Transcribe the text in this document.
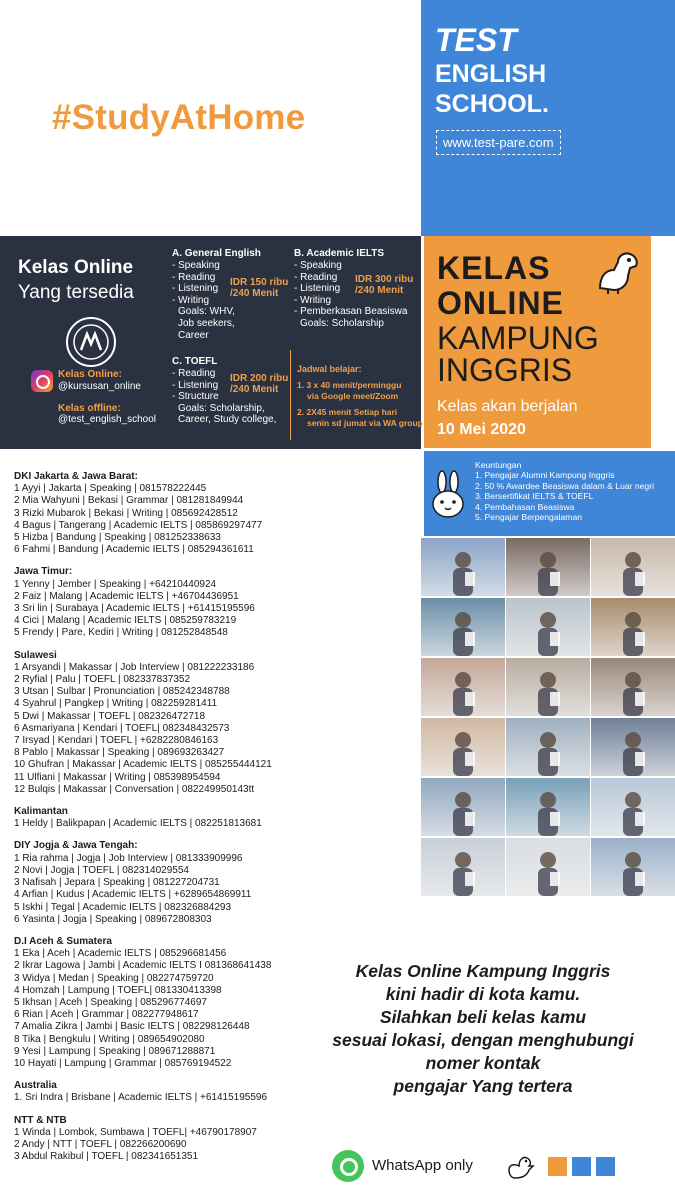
#StudyAtHome
TEST
ENGLISH
SCHOOL.
www.test-pare.com
Kelas Online
Yang tersedia
Kelas Online:
@kursusan_online
Kelas offline:
@test_english_school
A. General English
- Speaking
- Reading
- Listening
- Writing
Goals: WHV,
Job seekers,
Career
IDR 150 ribu
/240 Menit
B. Academic IELTS
- Speaking
- Reading
- Listening
- Writing
- Pemberkasan Beasiswa
Goals: Scholarship
IDR 300 ribu
/240 Menit
C. TOEFL
- Reading
- Listening
- Structure
Goals: Scholarship,
Career, Study college,
IDR 200 ribu
/240 Menit
Jadwal belajar:
1. 3 x 40 menit/perminggu
via Google meet/Zoom
2. 2X45 menit Setiap hari
senin sd jumat via WA group
KELAS
ONLINE
KAMPUNG
INGGRIS
Kelas akan berjalan
10 Mei 2020
Keuntungan
1. Pengajar Alumni Kampung Inggris
2. 50 % Awardee Beasiswa dalam & Luar negri
3. Bersertifikat IELTS & TOEFL
4. Pembahasan Beasiswa
5. Pengajar Berpengalaman
DKI Jakarta & Jawa Barat:
1 Ayyi | Jakarta | Speaking | 081578222445
2 Mia Wahyuni | Bekasi | Grammar | 081281849944
3 Rizki Mubarok | Bekasi | Writing | 085692428512
4 Bagus | Tangerang | Academic IELTS | 085869297477
5 Hizba | Bandung | Speaking | 081252338633
6 Fahmi | Bandung | Academic IELTS | 085294361611
Jawa Timur:
1 Yenny | Jember | Speaking | +64210440924
2 Faiz | Malang | Academic IELTS | +46704436951
3 Sri lin | Surabaya | Academic IELTS | +61415195596
4 Cici | Malang | Academic IELTS | 085259783219
5 Frendy | Pare, Kediri | Writing | 081252848548
Sulawesi
1 Arsyandi | Makassar | Job Interview | 081222233186
2 Ryfial | Palu | TOEFL | 082337837352
3 Utsan | Sulbar | Pronunciation | 085242348788
4 Syahrul | Pangkep | Writing | 082259281411
5 Dwi | Makassar | TOEFL | 082326472718
6 Asmariyana | Kendari | TOEFL| 082348432573
7 Irsyad | Kendari | TOEFL | +6282280846163
8 Pablo | Makassar | Speaking | 089693263427
10 Ghufran | Makassar | Academic IELTS | 085255444121
11 Ulfiani | Makassar | Writing | 085398954594
12 Bulqis | Makassar | Conversation | 082249950143tt
Kalimantan
1 Heldy | Balikpapan | Academic IELTS | 082251813681
DIY Jogja & Jawa Tengah:
1 Ria rahma | Jogja | Job Interview | 081333909996
2 Novi | Jogja | TOEFL | 082314029554
3 Nafisah | Jepara | Speaking | 081227204731
4 Arfian | Kudus | Academic IELTS | +6289654869911
5 Iskhi | Tegal | Academic IELTS | 082326884293
6 Yasinta | Jogja | Speaking | 089672808303
D.I Aceh & Sumatera
1 Eka | Aceh | Academic IELTS | 085296681456
2 Ikrar Lagowa | Jambi | Academic IELTS I 081368641438
3 Widya | Medan | Speaking | 082274759720
4 Homzah | Lampung | TOEFL| 081330413398
5 Ikhsan | Aceh | Speaking | 085296774697
6 Rian | Aceh | Grammar | 082277948617
7 Amalia Zikra | Jambi | Basic IELTS | 082298126448
8 Tika | Bengkulu | Writing | 089654902080
9 Yesi | Lampung | Speaking | 089671288871
10 Hayati | Lampung | Grammar | 085769194522
Australia
1. Sri Indra | Brisbane | Academic IELTS | +61415195596
NTT & NTB
1 Winda | Lombok, Sumbawa | TOEFL| +46790178907
2 Andy | NTT | TOEFL | 082266200690
3 Abdul Rakibul | TOEFL | 082341651351
Kelas Online Kampung Inggris
kini hadir di kota kamu.
Silahkan beli kelas kamu
sesuai lokasi, dengan menghubungi
nomer kontak
pengajar Yang tertera
WhatsApp only
